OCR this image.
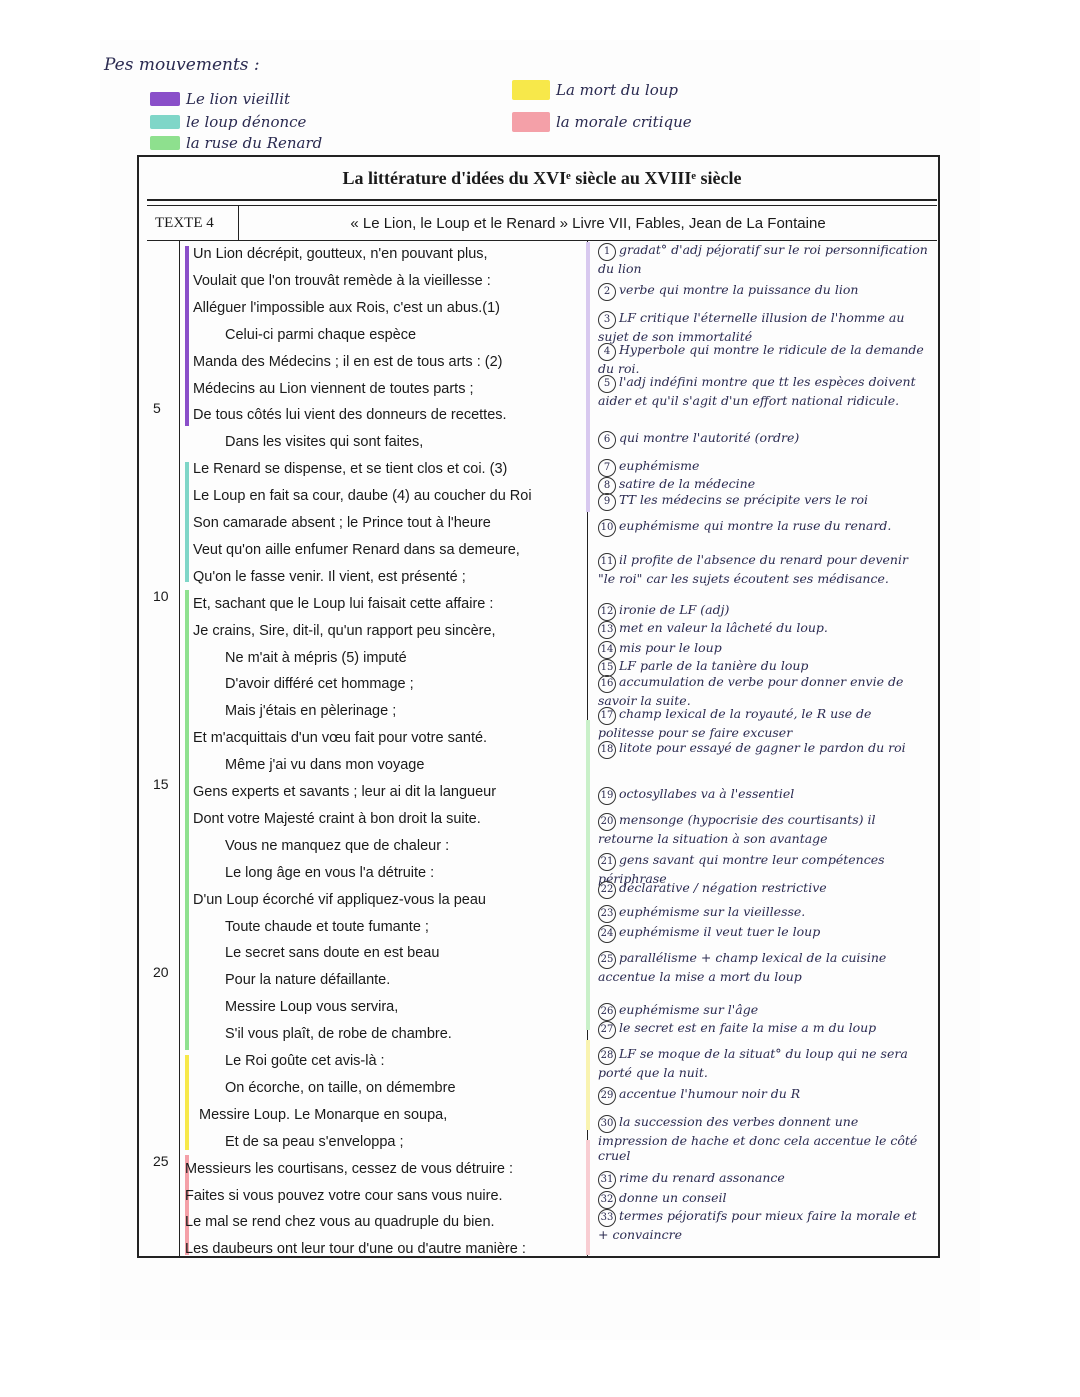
Pes mouvements :
Le lion vieillit
le loup dénonce
la ruse du Renard
La mort du loup
la morale critique
La littérature d'idées du XVIᵉ siècle au XVIIIᵉ siècle
TEXTE 4	« Le Lion, le Loup et le Renard » Livre VII, Fables, Jean de La Fontaine
5
10
15
20
25
Un Lion décrépit, goutteux, n'en pouvant plus,
Voulait que l'on trouvât remède à la vieillesse :
Alléguer l'impossible aux Rois, c'est un abus.(1)
Celui-ci parmi chaque espèce
Manda des Médecins ; il en est de tous arts : (2)
Médecins au Lion viennent de toutes parts ;
De tous côtés lui vient des donneurs de recettes.
Dans les visites qui sont faites,
Le Renard se dispense, et se tient clos et coi. (3)
Le Loup en fait sa cour, daube (4) au coucher du Roi
Son camarade absent ; le Prince tout à l'heure
Veut qu'on aille enfumer Renard dans sa demeure,
Qu'on le fasse venir. Il vient, est présenté ;
Et, sachant que le Loup lui faisait cette affaire :
Je crains, Sire, dit-il, qu'un rapport peu sincère,
Ne m'ait à mépris (5) imputé
D'avoir différé cet hommage ;
Mais j'étais en pèlerinage ;
Et m'acquittais d'un vœu fait pour votre santé.
Même j'ai vu dans mon voyage
Gens experts et savants ; leur ai dit la langueur
Dont votre Majesté craint à bon droit la suite.
Vous ne manquez que de chaleur :
Le long âge en vous l'a détruite :
D'un Loup écorché vif appliquez-vous la peau
Toute chaude et toute fumante ;
Le secret sans doute en est beau
Pour la nature défaillante.
Messire Loup vous servira,
S'il vous plaît, de robe de chambre.
Le Roi goûte cet avis-là :
On écorche, on taille, on démembre
Messire Loup. Le Monarque en soupa,
Et de sa peau s'enveloppa ;
Messieurs les courtisans, cessez de vous détruire :
Faites si vous pouvez votre cour sans vous nuire.
Le mal se rend chez vous au quadruple du bien.
Les daubeurs ont leur tour d'une ou d'autre manière :
1 gradat° d'adj péjoratif sur le roi personnification du lion
2 verbe qui montre la puissance du lion
3 LF critique l'éternelle illusion de l'homme au sujet de son immortalité
4 Hyperbole qui montre le ridicule de la demande du roi.
5 l'adj indéfini montre que tt les espèces doivent aider et qu'il s'agit d'un effort national ridicule.
6 qui montre l'autorité (ordre)
7 euphémisme
8 satire de la médecine
9 TT les médecins se précipite vers le roi
10 euphémisme qui montre la ruse du renard.
11 il profite de l'absence du renard pour devenir "le roi" car les sujets écoutent ses médisance.
12 ironie de LF (adj)
13 met en valeur la lâcheté du loup.
14 mis pour le loup
15 LF parle de la tanière du loup
16 accumulation de verbe pour donner envie de savoir la suite.
17 champ lexical de la royauté, le R use de politesse pour se faire excuser
18 litote pour essayé de gagner le pardon du roi
19 octosyllabes va à l'essentiel
20 mensonge (hypocrisie des courtisants) il retourne la situation à son avantage
21 gens savant qui montre leur compétences périphrase
22 déclarative / négation restrictive
23 euphémisme sur la vieillesse.
24 euphémisme il veut tuer le loup
25 parallélisme + champ lexical de la cuisine accentue la mise a mort du loup
26 euphémisme sur l'âge
27 le secret est en faite la mise a m du loup
28 LF se moque de la situat° du loup qui ne sera porté que la nuit.
29 accentue l'humour noir du R
30 la succession des verbes donnent une impression de hache et donc cela accentue le côté cruel
31 rime du renard assonance
32 donne un conseil
33 termes péjoratifs pour mieux faire la morale et + convaincre
